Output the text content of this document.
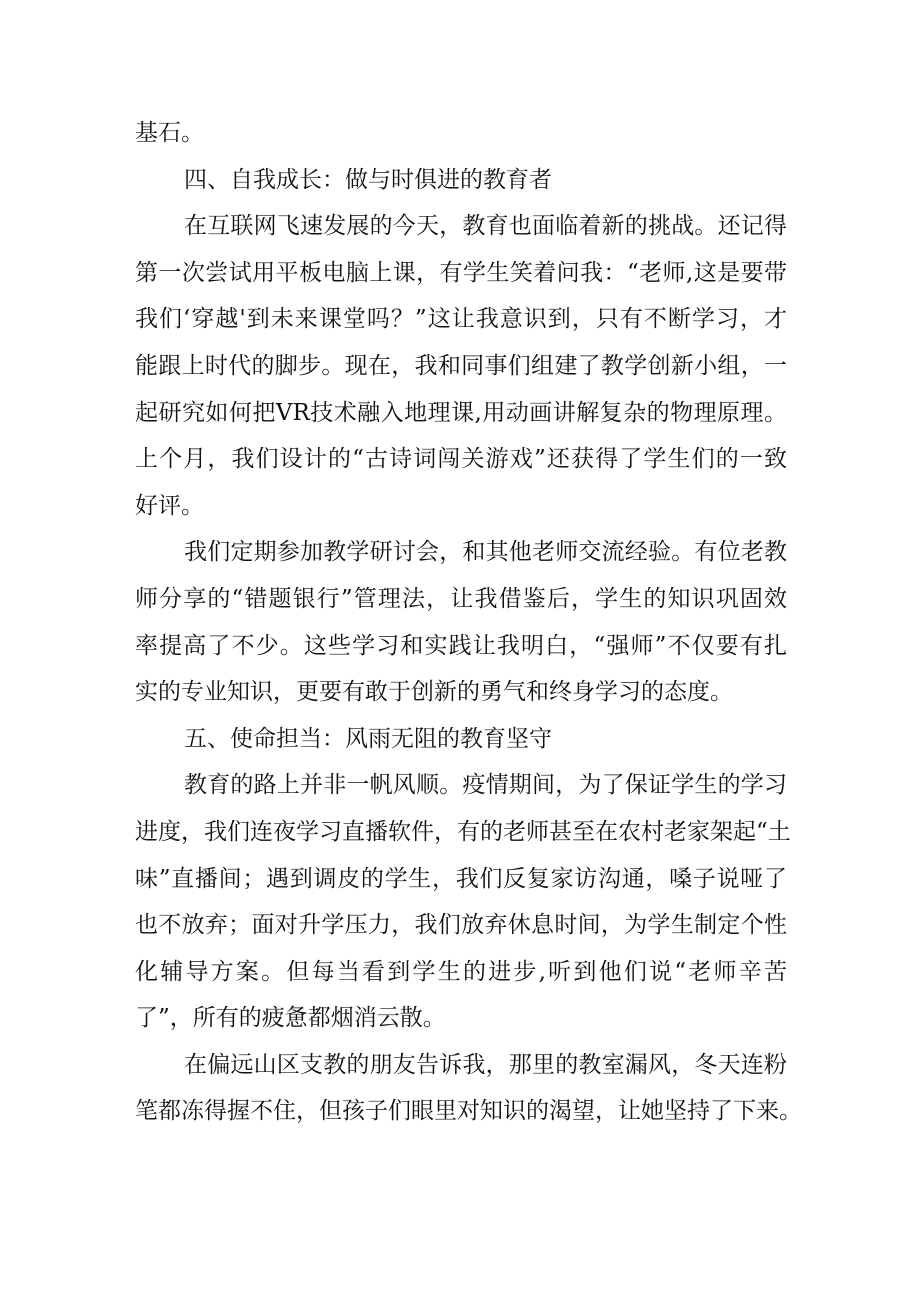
基石。
四、自我成长：做与时俱进的教育者
在互联网飞速发展的今天，教育也面临着新的挑战。还记得
第一次尝试用平板电脑上课，有学生笑着问我：“老师,这是要带
我们‘穿越'到未来课堂吗？”这让我意识到，只有不断学习，才
能跟上时代的脚步。现在，我和同事们组建了教学创新小组，一
起研究如何把VR技术融入地理课,用动画讲解复杂的物理原理。
上个月，我们设计的“古诗词闯关游戏”还获得了学生们的一致
好评。
我们定期参加教学研讨会，和其他老师交流经验。有位老教
师分享的“错题银行”管理法，让我借鉴后，学生的知识巩固效
率提高了不少。这些学习和实践让我明白，“强师”不仅要有扎
实的专业知识，更要有敢于创新的勇气和终身学习的态度。
五、使命担当：风雨无阻的教育坚守
教育的路上并非一帆风顺。疫情期间，为了保证学生的学习
进度，我们连夜学习直播软件，有的老师甚至在农村老家架起“土
味”直播间；遇到调皮的学生，我们反复家访沟通，嗓子说哑了
也不放弃；面对升学压力，我们放弃休息时间，为学生制定个性
化辅导方案。但每当看到学生的进步,听到他们说“老师辛苦
了”，所有的疲惫都烟消云散。
在偏远山区支教的朋友告诉我，那里的教室漏风，冬天连粉
笔都冻得握不住，但孩子们眼里对知识的渴望，让她坚持了下来。
